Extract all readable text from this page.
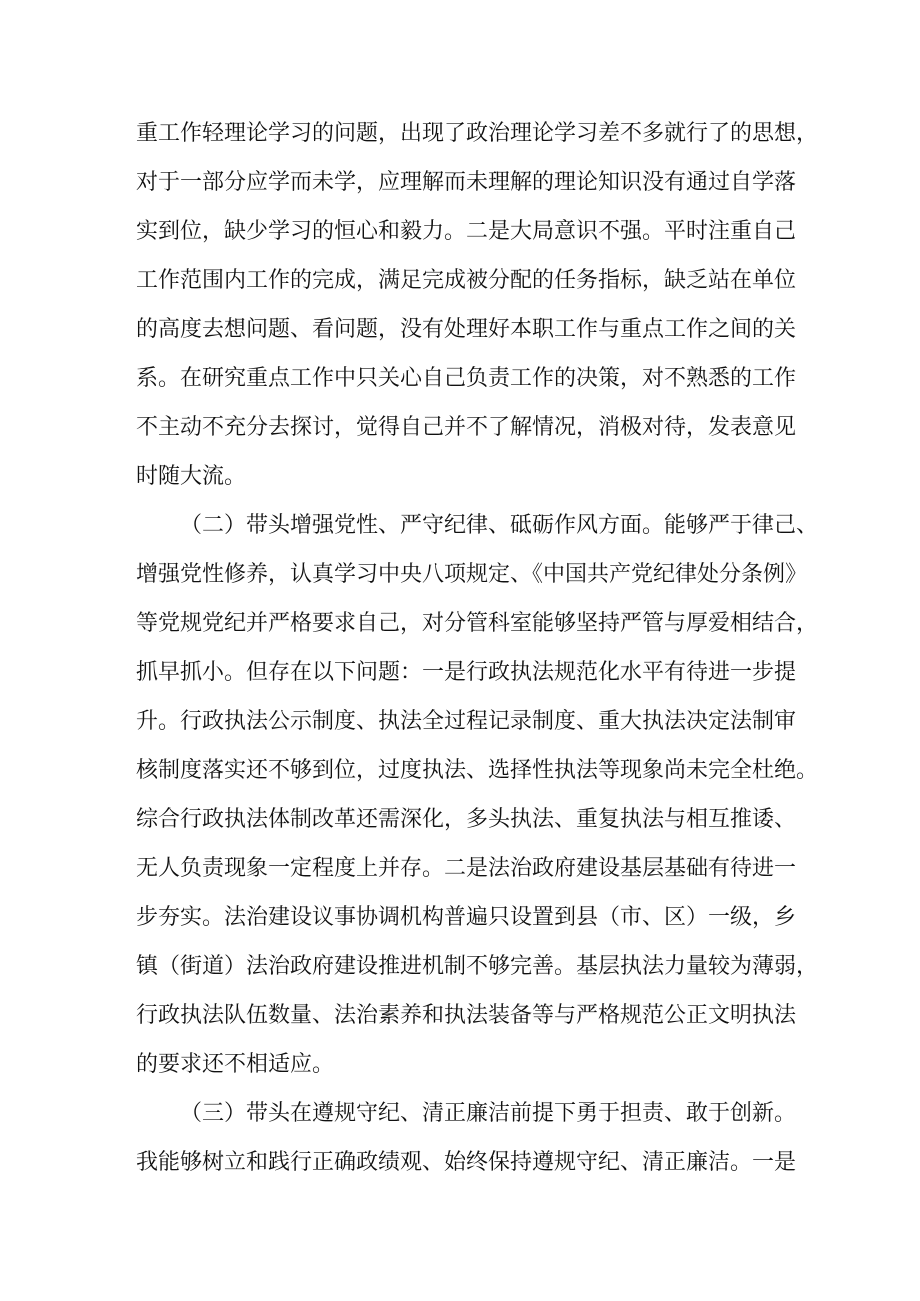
重工作轻理论学习的问题，出现了政治理论学习差不多就行了的思想，
对于一部分应学而未学，应理解而未理解的理论知识没有通过自学落
实到位，缺少学习的恒心和毅力。二是大局意识不强。平时注重自己
工作范围内工作的完成，满足完成被分配的任务指标，缺乏站在单位
的高度去想问题、看问题，没有处理好本职工作与重点工作之间的关
系。在研究重点工作中只关心自己负责工作的决策，对不熟悉的工作
不主动不充分去探讨，觉得自己并不了解情况，消极对待，发表意见
时随大流。
（二）带头增强党性、严守纪律、砥砺作风方面。能够严于律己、
增强党性修养，认真学习中央八项规定、《中国共产党纪律处分条例》
等党规党纪并严格要求自己，对分管科室能够坚持严管与厚爱相结合，
抓早抓小。但存在以下问题：一是行政执法规范化水平有待进一步提
升。行政执法公示制度、执法全过程记录制度、重大执法决定法制审
核制度落实还不够到位，过度执法、选择性执法等现象尚未完全杜绝。
综合行政执法体制改革还需深化，多头执法、重复执法与相互推诿、
无人负责现象一定程度上并存。二是法治政府建设基层基础有待进一
步夯实。法治建设议事协调机构普遍只设置到县（市、区）一级，乡
镇（街道）法治政府建设推进机制不够完善。基层执法力量较为薄弱，
行政执法队伍数量、法治素养和执法装备等与严格规范公正文明执法
的要求还不相适应。
（三）带头在遵规守纪、清正廉洁前提下勇于担责、敢于创新。
我能够树立和践行正确政绩观、始终保持遵规守纪、清正廉洁。一是
